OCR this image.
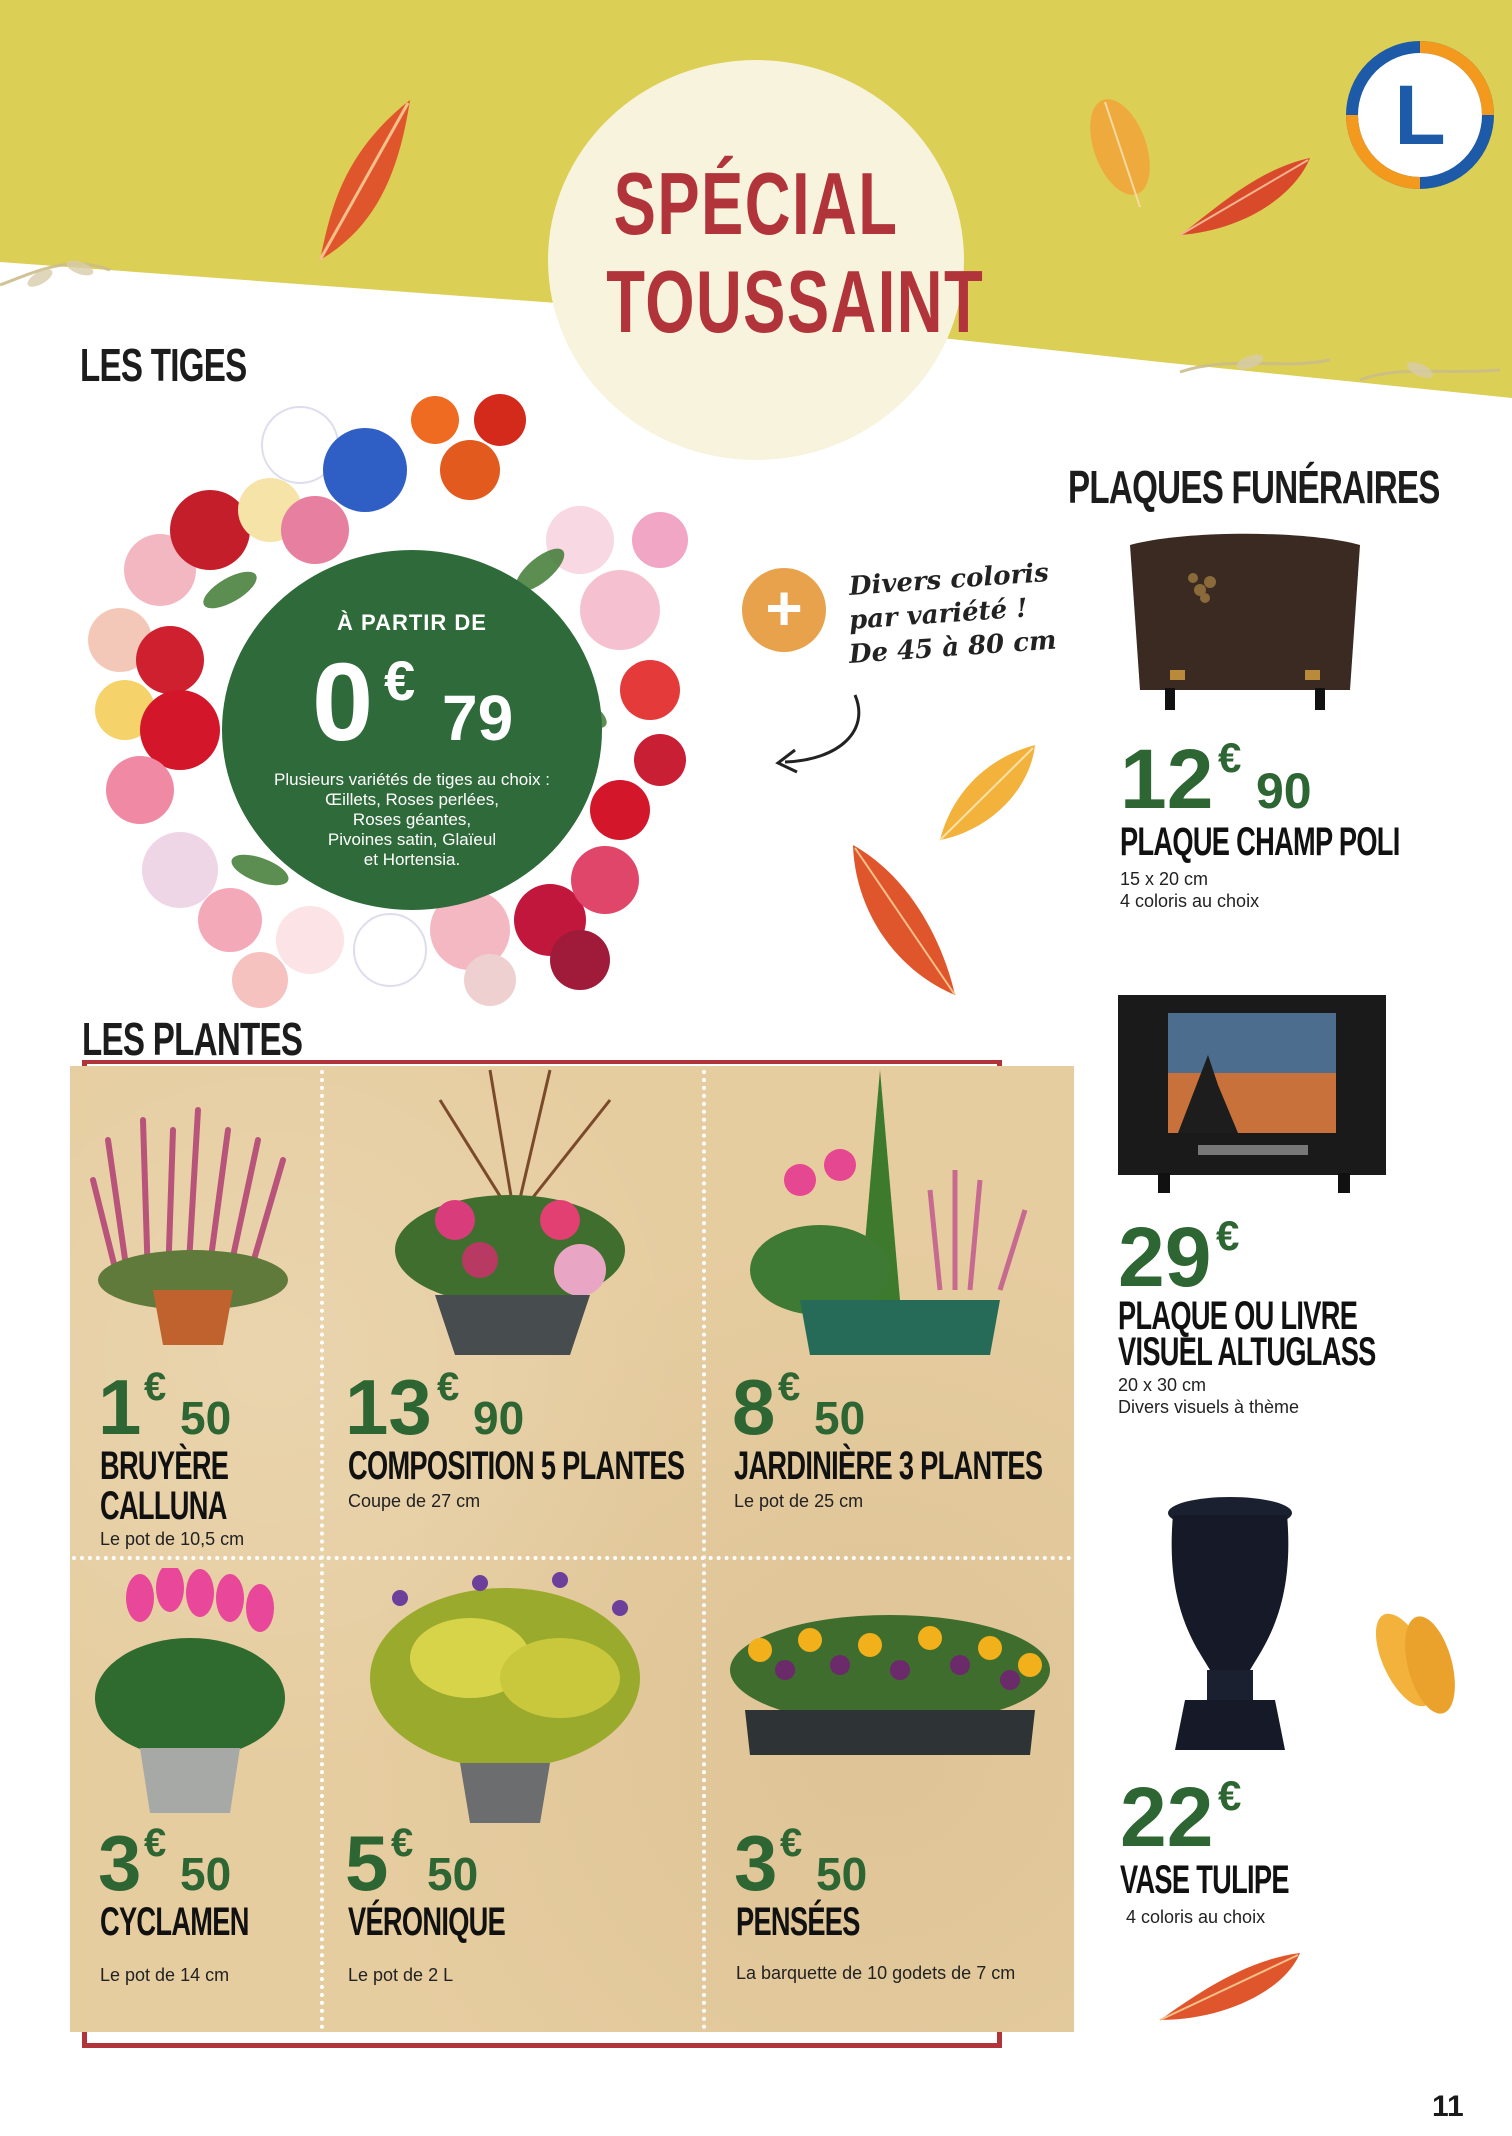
SPÉCIAL
TOUSSAINT
L
LES TIGES
À PARTIR DE
0 €
79
Plusieurs variétés de tiges au choix :
Œillets, Roses perlées,
Roses géantes,
Pivoines satin, Glaïeul
et Hortensia.
+	Divers coloris
par variété !
De 45 à 80 cm
LES PLANTES
1 €
50
BRUYÈRE
CALLUNA
Le pot de 10,5 cm
13 €
90
COMPOSITION 5 PLANTES
Coupe de 27 cm
8 €
50
JARDINIÈRE 3 PLANTES
Le pot de 25 cm
3 €
50
CYCLAMEN
Le pot de 14 cm
5 €
50
VÉRONIQUE
Le pot de 2 L
3 €
50
PENSÉES
La barquette de 10 godets de 7 cm
PLAQUES FUNÉRAIRES
12 €
90
PLAQUE CHAMP POLI
15 x 20 cm
4 coloris au choix
29 €
PLAQUE OU LIVRE
VISUEL ALTUGLASS
20 x 30 cm
Divers visuels à thème
22 €
VASE TULIPE
4 coloris au choix
11
